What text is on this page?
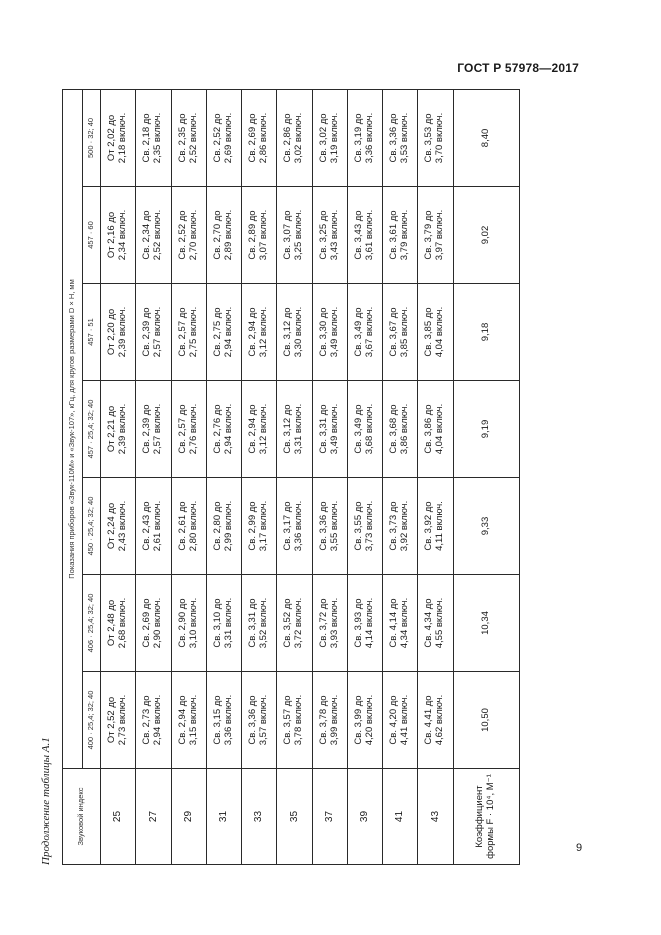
ГОСТ Р 57978—2017
Продолжение таблицы А.1	Звуковой индекс	Показания приборов «Звук-110М» и «Звук-107», кГц, для кругов размерами D × H, мм						
	400 · 25,4; 32; 40	406 · 25,4; 32; 40	450 · 25,4; 32; 40	457 · 25,4; 32; 40	457 · 51	457 · 60	500 · 32; 40
25	От 2,52 до 2,73 включ.	От 2,48 до 2,68 включ.	От 2,24 до 2,43 включ.	От 2,21 до 2,39 включ.	От 2,20 до 2,39 включ.	От 2,16 до 2,34 включ.	От 2,02 до 2,18 включ.

27	Св. 2,73 до 2,94 включ.	Св. 2,69 до 2,90 включ.	Св. 2,43 до 2,61 включ.	Св. 2,39 до 2,57 включ.	Св. 2,39 до 2,57 включ.	Св. 2,34 до 2,52 включ.	Св. 2,18 до 2,35 включ.

29	Св. 2,94 до 3,15 включ.	Св. 2,90 до 3,10 включ.	Св. 2,61 до 2,80 включ.	Св. 2,57 до 2,76 включ.	Св. 2,57 до 2,75 включ.	Св. 2,52 до 2,70 включ.	Св. 2,35 до 2,52 включ.

31	Св. 3,15 до 3,36 включ.	Св. 3,10 до 3,31 включ.	Св. 2,80 до 2,99 включ.	Св. 2,76 до 2,94 включ.	Св. 2,75 до 2,94 включ.	Св. 2,70 до 2,89 включ.	Св. 2,52 до 2,69 включ.

33	Св. 3,36 до 3,57 включ.	Св. 3,31 до 3,52 включ.	Св. 2,99 до 3,17 включ.	Св. 2,94 до 3,12 включ.	Св. 2,94 до 3,12 включ.	Св. 2,89 до 3,07 включ.	Св. 2,69 до 2,86 включ.

35	Св. 3,57 до 3,78 включ.	Св. 3,52 до 3,72 включ.	Св. 3,17 до 3,36 включ.	Св. 3,12 до 3,31 включ.	Св. 3,12 до 3,30 включ.	Св. 3,07 до 3,25 включ.	Св. 2,86 до 3,02 включ.

37	Св. 3,78 до 3,99 включ.	Св. 3,72 до 3,93 включ.	Св. 3,36 до 3,55 включ.	Св. 3,31 до 3,49 включ.	Св. 3,30 до 3,49 включ.	Св. 3,25 до 3,43 включ.	Св. 3,02 до 3,19 включ.

39	Св. 3,99 до 4,20 включ.	Св. 3,93 до 4,14 включ.	Св. 3,55 до 3,73 включ.	Св. 3,49 до 3,68 включ.	Св. 3,49 до 3,67 включ.	Св. 3,43 до 3,61 включ.	Св. 3,19 до 3,36 включ.

41	Св. 4,20 до 4,41 включ.	Св. 4,14 до 4,34 включ.	Св. 3,73 до 3,92 включ.	Св. 3,68 до 3,86 включ.	Св. 3,67 до 3,85 включ.	Св. 3,61 до 3,79 включ.	Св. 3,36 до 3,53 включ.

43	Св. 4,41 до 4,62 включ.	Св. 4,34 до 4,55 включ.	Св. 3,92 до 4,11 включ.	Св. 3,86 до 4,04 включ.	Св. 3,85 до 4,04 включ.	Св. 3,79 до 3,97 включ.	Св. 3,53 до 3,70 включ.

Коэффициент формы F · 10⁴, М⁻¹	10,50	10,34	9,33	9,19	9,18	9,02	8,40
9
